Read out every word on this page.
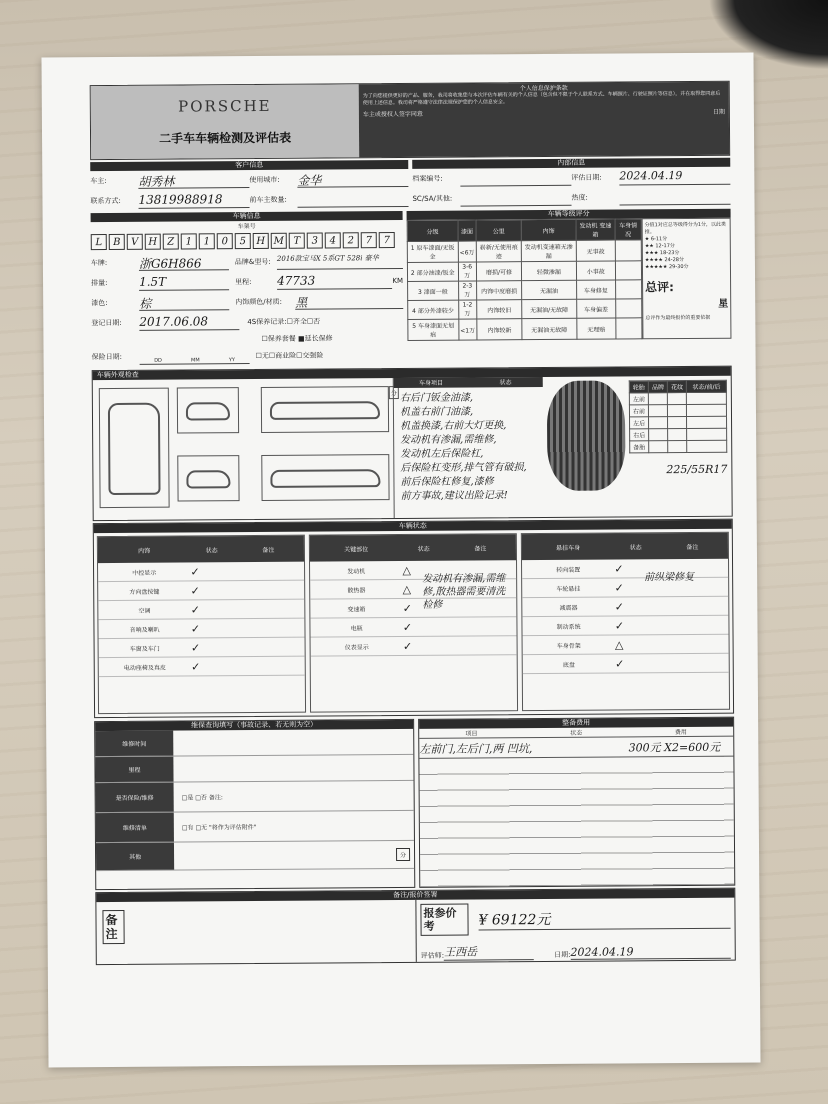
PORSCHE
二手车车辆检测及评估表
个人信息保护条款
为了向您提供更好的产品、服务，我司将收集您与本次评估车辆有关的个人信息（包含但不限于个人联系方式、车辆照片、行驶证照片等信息），并在取得您同意后使用上述信息。我司将严格遵守法律法规保护您的个人信息安全。
车主或授权人签字同意	日期
客户信息
车主:	胡秀林	使用城市:	金华
联系方式:	13819988918	前车主数量:
内部信息
档案编号:	评估日期:	2024.04.19
SC/SA/其他:	热度:
车辆信息
车架号
L	B	V H	Z	1	1	0	5	H M T	3	4	2	7	7
车牌:	浙G6H866	品牌&型号: 2016款宝马X 5系GT 528i 豪华
排量:	1.5T	里程:	47733	KM
漆色:	棕	内饰颜色/材质:	黑
登记日期:	2017.06.08	4S保养记录: ☐ 齐全 ☐ 否
☐ 保养套餐
■ 延长保修
保险日期:	DD	MM	YY
☐ 无 ☐ 商业险 ☐ 交强险
车辆等级评分
分级	漆面	公里	内饰	发动机 变速箱	车身情况
1 原车漆面/无钣金	<6万	崭新/无使用痕迹	发动机变速箱无渗漏	无事故	
2 部分油漆/钣金	3-6万	磨损/可修	轻微渗漏	小事故	
3 漆面一般	2-3万	内饰中度磨损	无漏油	车身修复	
4 部分外漆较少	1-2万	内饰较旧	无漏油/无故障	车身偏差	
5 车身漆面无划痕	<1万	内饰较新	无漏油无故障	无理赔	
分值1对应总等级得分为1分，以此类推。
★ 6-11分
★★ 12-17分
★★★ 18-23分
★★★★ 24-28分
★★★★★ 29-30分
总评:
星
总评作为最终报价的重要依据
车辆外观检查
分
车身项目	状态
右后门钣金油漆,
机盖右前门油漆,
机盖换漆,右前大灯更换,
发动机有渗漏,需维修,
发动机左后保险杠,
后保险杠变形,排气管有破损,
前后保险杠修复,漆修
前方事故,建议出险记录!
轮胎	品牌	花纹	状态/前/后
左前			
右前			
左后			
右后			
备胎			
225/55R17
车辆状态
内饰	状态	备注
中控显示	✓
方向盘按键	✓
空调	✓
音响及喇叭	✓
车窗及车门	✓
电动座椅及真皮	✓
关键部位	状态	备注
发动机	△
散热器	△
变速箱	✓
电瓶	✓
仪表显示	✓
发动机有渗漏,需维修,散热器需要清洗检修
悬挂车身	状态	备注
转向装置	✓
车轮悬挂	✓
减震器	✓
制动系统	✓
车身骨架	△
底盘	✓
前纵梁修复
维保查询填写（事故记录、若无则为空）
维修时间
里程
是否保险/维修	□是 □否 备注:
维修清单	□有 □无 "将作为评估附件"
其他	分
整备费用
项目	状态	费用
左前门,左后门,两 凹坑,	300元 X2=600元
备注/报价签署
备注
报参价考	¥ 69122元
评估师: 王西岳	日期: 2024.04.19
